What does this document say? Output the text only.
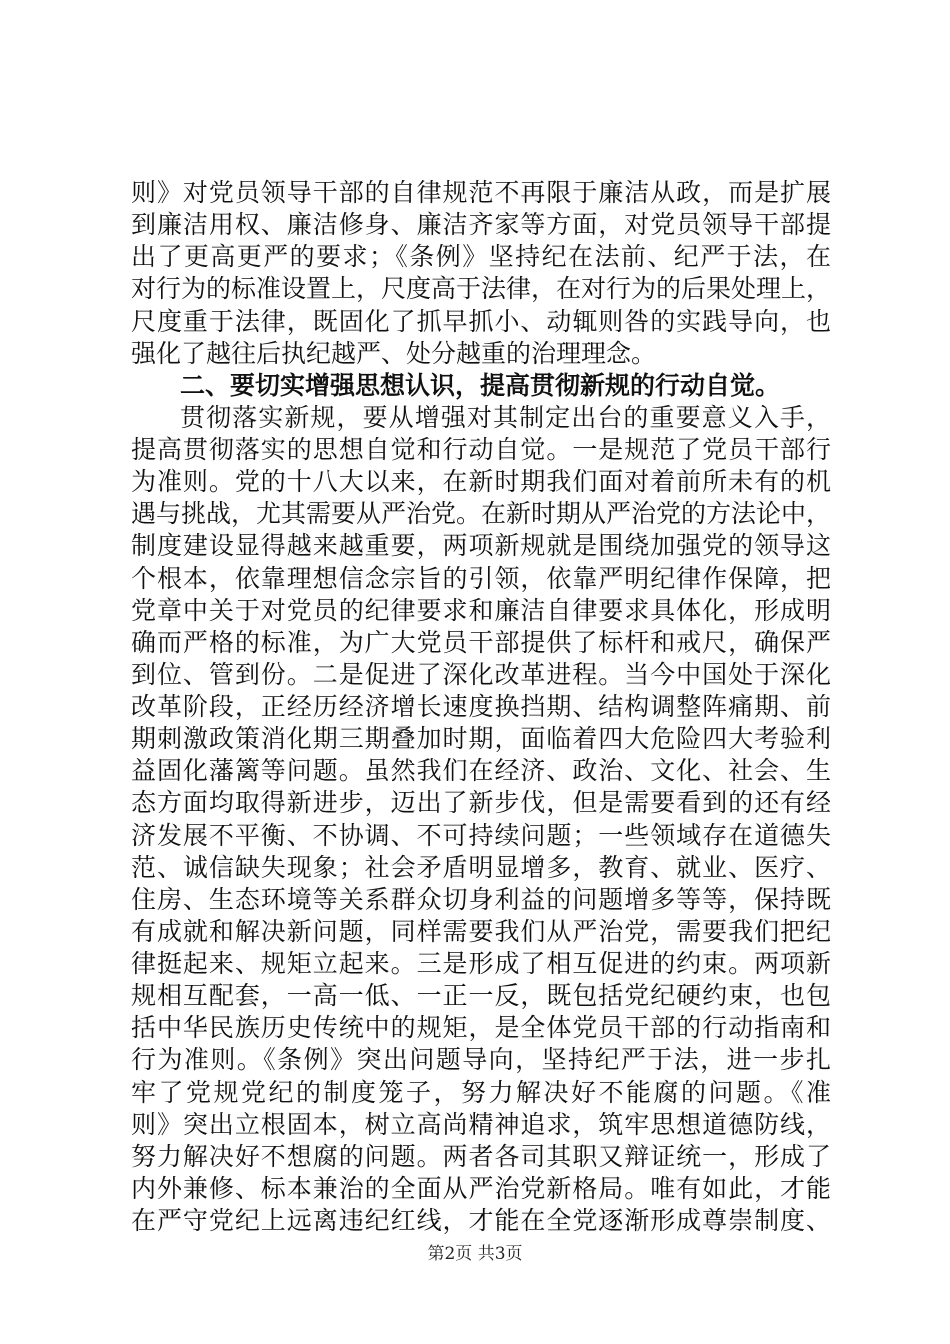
则》对党员领导干部的自律规范不再限于廉洁从政，而是扩展
到廉洁用权、廉洁修身、廉洁齐家等方面，对党员领导干部提
出了更高更严的要求；《条例》坚持纪在法前、纪严于法，在
对行为的标准设置上，尺度高于法律，在对行为的后果处理上，
尺度重于法律，既固化了抓早抓小、动辄则咎的实践导向，也
强化了越往后执纪越严、处分越重的治理理念。
二、要切实增强思想认识，提高贯彻新规的行动自觉。
贯彻落实新规，要从增强对其制定出台的重要意义入手，
提高贯彻落实的思想自觉和行动自觉。一是规范了党员干部行
为准则。党的十八大以来，在新时期我们面对着前所未有的机
遇与挑战，尤其需要从严治党。在新时期从严治党的方法论中，
制度建设显得越来越重要，两项新规就是围绕加强党的领导这
个根本，依靠理想信念宗旨的引领，依靠严明纪律作保障，把
党章中关于对党员的纪律要求和廉洁自律要求具体化，形成明
确而严格的标准，为广大党员干部提供了标杆和戒尺，确保严
到位、管到份。二是促进了深化改革进程。当今中国处于深化
改革阶段，正经历经济增长速度换挡期、结构调整阵痛期、前
期刺激政策消化期三期叠加时期，面临着四大危险四大考验利
益固化藩篱等问题。虽然我们在经济、政治、文化、社会、生
态方面均取得新进步，迈出了新步伐，但是需要看到的还有经
济发展不平衡、不协调、不可持续问题；一些领域存在道德失
范、诚信缺失现象；社会矛盾明显增多，教育、就业、医疗、
住房、生态环境等关系群众切身利益的问题增多等等，保持既
有成就和解决新问题，同样需要我们从严治党，需要我们把纪
律挺起来、规矩立起来。三是形成了相互促进的约束。两项新
规相互配套，一高一低、一正一反，既包括党纪硬约束，也包
括中华民族历史传统中的规矩，是全体党员干部的行动指南和
行为准则。《条例》突出问题导向，坚持纪严于法，进一步扎
牢了党规党纪的制度笼子，努力解决好不能腐的问题。《准
则》突出立根固本，树立高尚精神追求，筑牢思想道德防线，
努力解决好不想腐的问题。两者各司其职又辩证统一，形成了
内外兼修、标本兼治的全面从严治党新格局。唯有如此，才能
在严守党纪上远离违纪红线，才能在全党逐渐形成尊崇制度、
第2页 共3页
